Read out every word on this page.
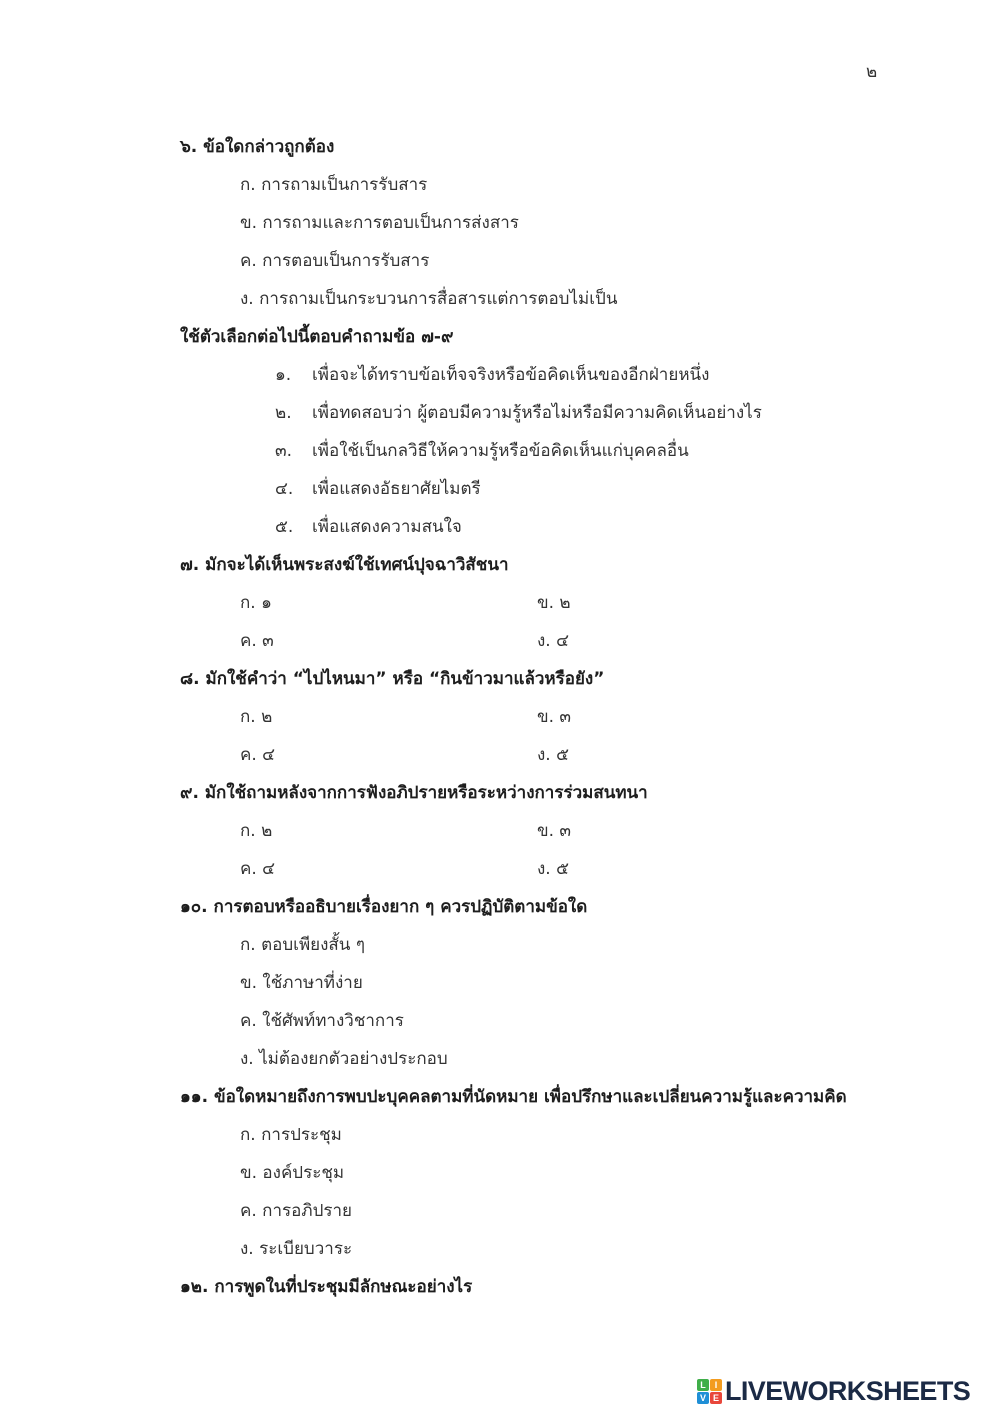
๒
๖. ข้อใดกล่าวถูกต้อง
ก. การถามเป็นการรับสาร
ข. การถามและการตอบเป็นการส่งสาร
ค. การตอบเป็นการรับสาร
ง. การถามเป็นกระบวนการสื่อสารแต่การตอบไม่เป็น
ใช้ตัวเลือกต่อไปนี้ตอบคำถามข้อ ๗-๙
๑. เพื่อจะได้ทราบข้อเท็จจริงหรือข้อคิดเห็นของอีกฝ่ายหนึ่ง
๒. เพื่อทดสอบว่า ผู้ตอบมีความรู้หรือไม่หรือมีความคิดเห็นอย่างไร
๓. เพื่อใช้เป็นกลวิธีให้ความรู้หรือข้อคิดเห็นแก่บุคคลอื่น
๔. เพื่อแสดงอัธยาศัยไมตรี
๕. เพื่อแสดงความสนใจ
๗. มักจะได้เห็นพระสงฆ์ใช้เทศน์ปุจฉาวิสัชนา
ก. ๑	ข. ๒
ค. ๓	ง. ๔
๘. มักใช้คำว่า “ไปไหนมา” หรือ “กินข้าวมาแล้วหรือยัง”
ก. ๒	ข. ๓
ค. ๔	ง. ๕
๙. มักใช้ถามหลังจากการฟังอภิปรายหรือระหว่างการร่วมสนทนา
ก. ๒	ข. ๓
ค. ๔	ง. ๕
๑๐. การตอบหรืออธิบายเรื่องยาก ๆ ควรปฏิบัติตามข้อใด
ก. ตอบเพียงสั้น ๆ
ข. ใช้ภาษาที่ง่าย
ค. ใช้ศัพท์ทางวิชาการ
ง. ไม่ต้องยกตัวอย่างประกอบ
๑๑. ข้อใดหมายถึงการพบปะบุคคลตามที่นัดหมาย เพื่อปรึกษาและเปลี่ยนความรู้และความคิด
ก. การประชุม
ข. องค์ประชุม
ค. การอภิปราย
ง. ระเบียบวาระ
๑๒. การพูดในที่ประชุมมีลักษณะอย่างไร
L I
V E LIVEWORKSHEETS
